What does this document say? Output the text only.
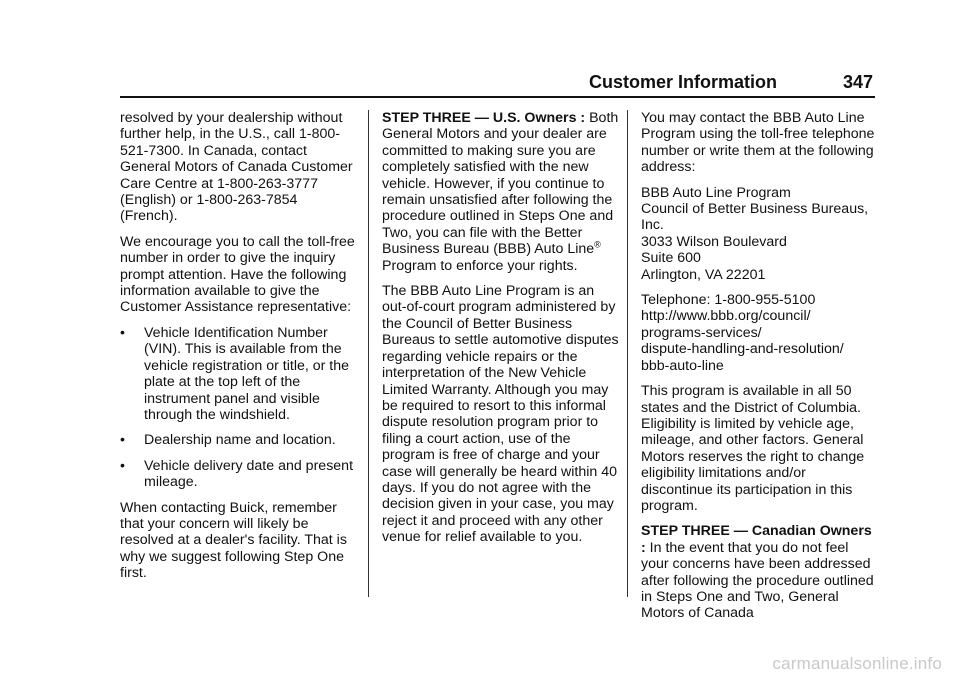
Customer Information	347

resolved by your dealership without further help, in the U.S., call 1-800-521-7300. In Canada, contact General Motors of Canada Customer Care Centre at 1-800-263-3777 (English) or 1-800-263-7854 (French).

We encourage you to call the toll-free number in order to give the inquiry prompt attention. Have the following information available to give the Customer Assistance representative:

•	Vehicle Identification Number (VIN). This is available from the vehicle registration or title, or the plate at the top left of the instrument panel and visible through the windshield.
•	Dealership name and location.
•	Vehicle delivery date and present mileage.

When contacting Buick, remember that your concern will likely be resolved at a dealer's facility. That is why we suggest following Step One first.

STEP THREE — U.S. Owners : Both General Motors and your dealer are committed to making sure you are completely satisfied with the new vehicle. However, if you continue to remain unsatisfied after following the procedure outlined in Steps One and Two, you can file with the Better Business Bureau (BBB) Auto Line® Program to enforce your rights.

The BBB Auto Line Program is an out-of-court program administered by the Council of Better Business Bureaus to settle automotive disputes regarding vehicle repairs or the interpretation of the New Vehicle Limited Warranty. Although you may be required to resort to this informal dispute resolution program prior to filing a court action, use of the program is free of charge and your case will generally be heard within 40 days. If you do not agree with the decision given in your case, you may reject it and proceed with any other venue for relief available to you.

You may contact the BBB Auto Line Program using the toll-free telephone number or write them at the following address:

BBB Auto Line Program
Council of Better Business Bureaus, Inc.
3033 Wilson Boulevard
Suite 600
Arlington, VA 22201

Telephone: 1-800-955-5100
http://www.bbb.org/council/
programs-services/
dispute-handling-and-resolution/
bbb-auto-line

This program is available in all 50 states and the District of Columbia. Eligibility is limited by vehicle age, mileage, and other factors. General Motors reserves the right to change eligibility limitations and/or discontinue its participation in this program.

STEP THREE — Canadian Owners : In the event that you do not feel your concerns have been addressed after following the procedure outlined in Steps One and Two, General Motors of Canada

carmanualsonline.info
